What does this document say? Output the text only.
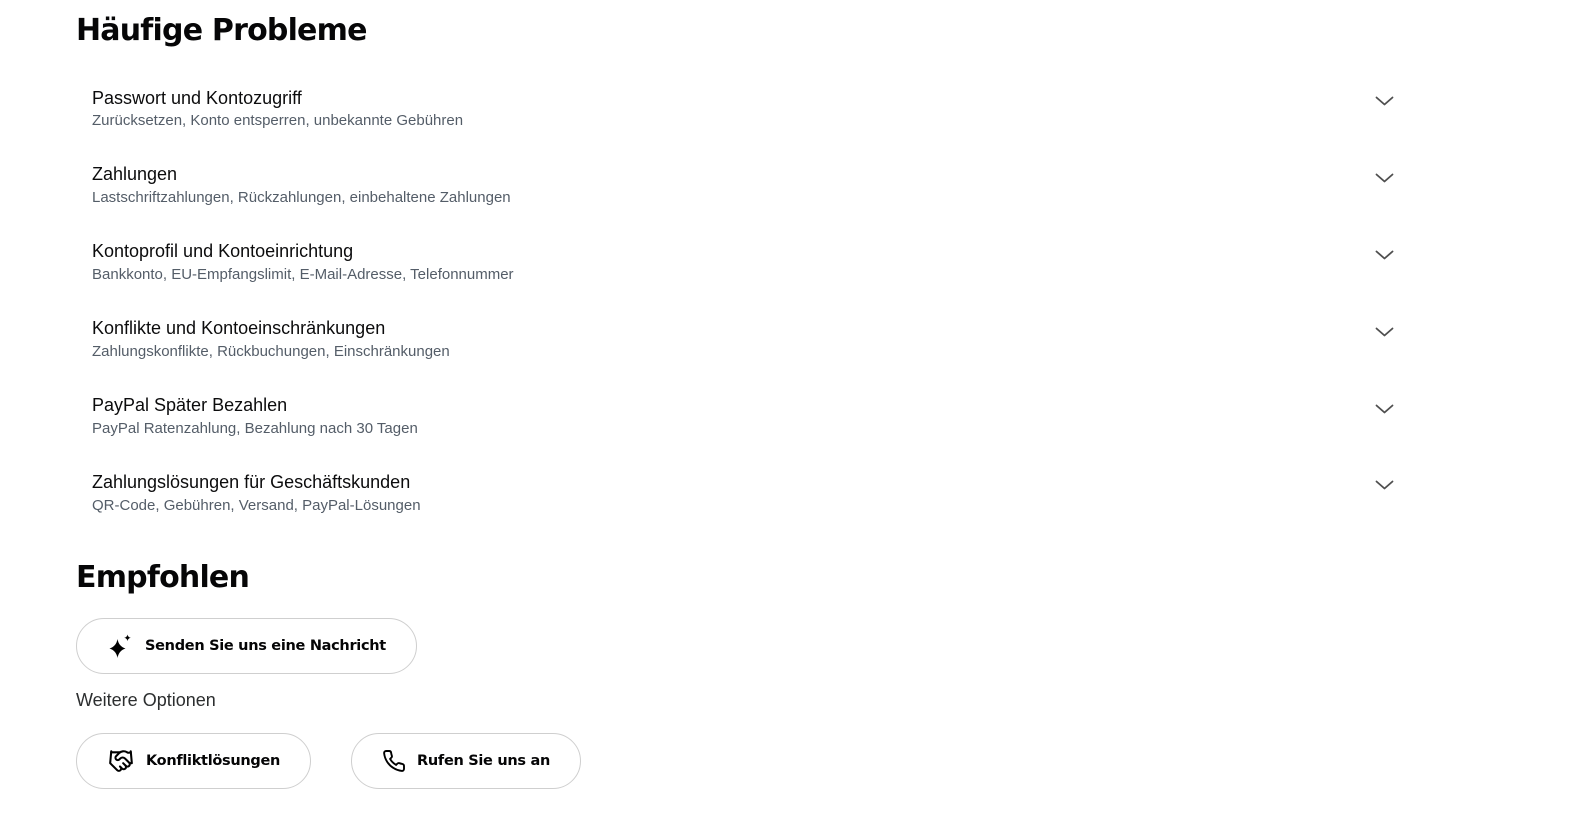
Häufige Probleme
Passwort und Kontozugriff
Zurücksetzen, Konto entsperren, unbekannte Gebühren
Zahlungen
Lastschriftzahlungen, Rückzahlungen, einbehaltene Zahlungen
Kontoprofil und Kontoeinrichtung
Bankkonto, EU-Empfangslimit, E-Mail-Adresse, Telefonnummer
Konflikte und Kontoeinschränkungen
Zahlungskonflikte, Rückbuchungen, Einschränkungen
PayPal Später Bezahlen
PayPal Ratenzahlung, Bezahlung nach 30 Tagen
Zahlungslösungen für Geschäftskunden
QR-Code, Gebühren, Versand, PayPal-Lösungen
Empfohlen
Senden Sie uns eine Nachricht
Weitere Optionen
Konfliktlösungen	Rufen Sie uns an
